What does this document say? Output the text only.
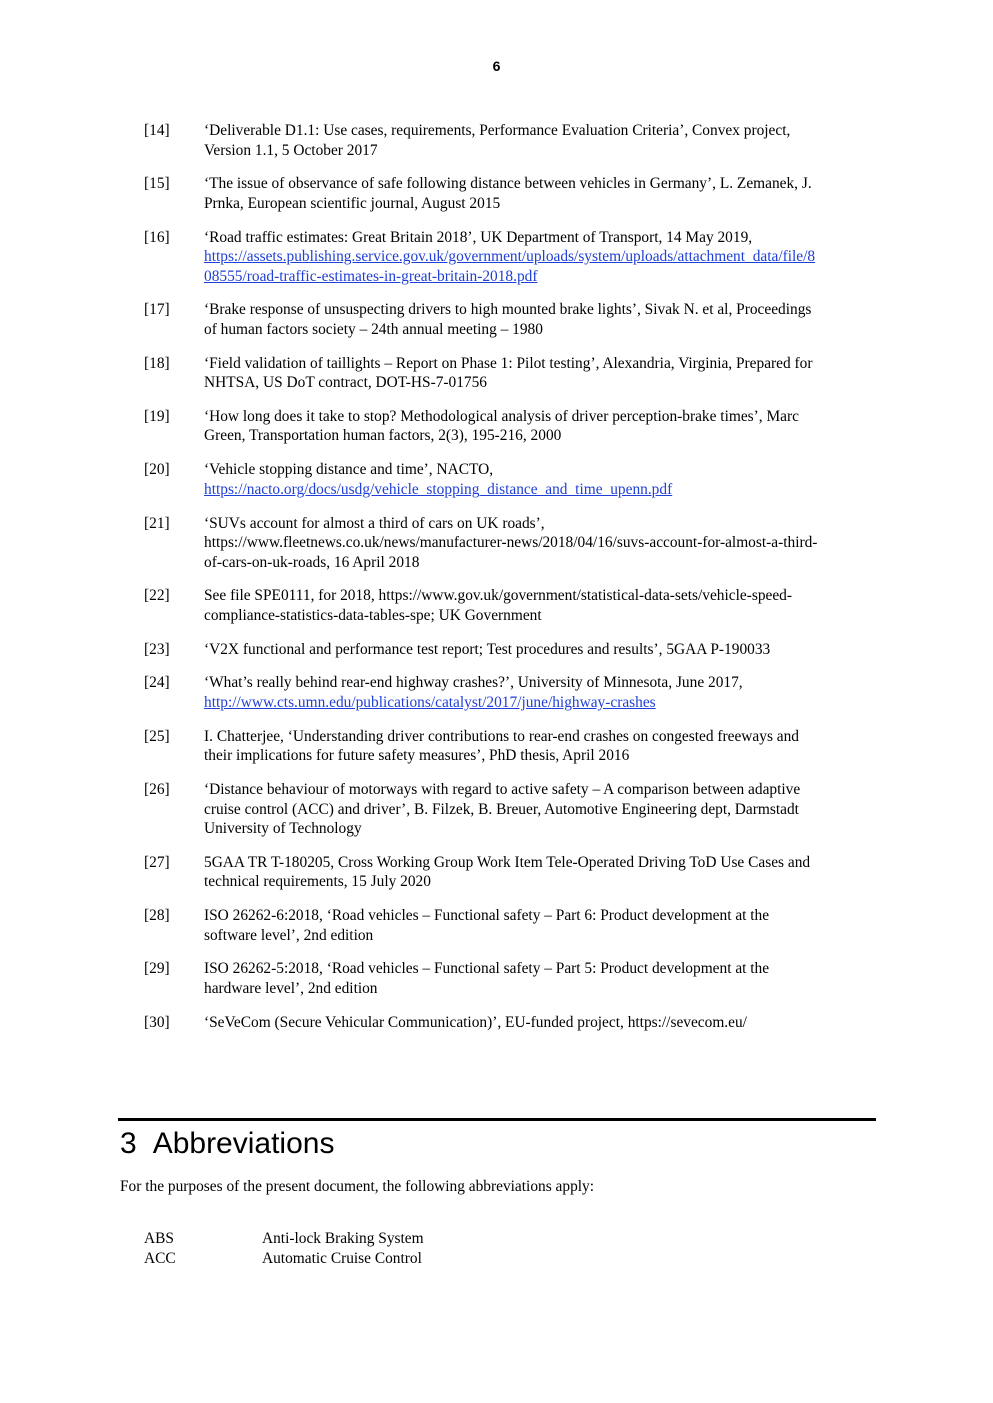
6
[14]	‘Deliverable D1.1: Use cases, requirements, Performance Evaluation Criteria’, Convex project,
Version 1.1, 5 October 2017
[15]	‘The issue of observance of safe following distance between vehicles in Germany’, L. Zemanek, J.
Prnka, European scientific journal, August 2015
[16]	‘Road traffic estimates: Great Britain 2018’, UK Department of Transport, 14 May 2019,
https://assets.publishing.service.gov.uk/government/uploads/system/uploads/attachment_data/file/8
08555/road-traffic-estimates-in-great-britain-2018.pdf
[17]	‘Brake response of unsuspecting drivers to high mounted brake lights’, Sivak N. et al, Proceedings
of human factors society – 24th annual meeting – 1980
[18]	‘Field validation of taillights – Report on Phase 1: Pilot testing’, Alexandria, Virginia, Prepared for
NHTSA, US DoT contract, DOT-HS-7-01756
[19]	‘How long does it take to stop? Methodological analysis of driver perception-brake times’, Marc
Green, Transportation human factors, 2(3), 195-216, 2000
[20]	‘Vehicle stopping distance and time’, NACTO,
https://nacto.org/docs/usdg/vehicle_stopping_distance_and_time_upenn.pdf
[21]	‘SUVs account for almost a third of cars on UK roads’,
https://www.fleetnews.co.uk/news/manufacturer-news/2018/04/16/suvs-account-for-almost-a-third-
of-cars-on-uk-roads, 16 April 2018
[22]	See file SPE0111, for 2018, https://www.gov.uk/government/statistical-data-sets/vehicle-speed-
compliance-statistics-data-tables-spe; UK Government
[23]	‘V2X functional and performance test report; Test procedures and results’, 5GAA P-190033
[24]	‘What’s really behind rear-end highway crashes?’, University of Minnesota, June 2017,
http://www.cts.umn.edu/publications/catalyst/2017/june/highway-crashes
[25]	I. Chatterjee, ‘Understanding driver contributions to rear-end crashes on congested freeways and
their implications for future safety measures’, PhD thesis, April 2016
[26]	‘Distance behaviour of motorways with regard to active safety – A comparison between adaptive
cruise control (ACC) and driver’, B. Filzek, B. Breuer, Automotive Engineering dept, Darmstadt
University of Technology
[27]	5GAA TR T-180205, Cross Working Group Work Item Tele-Operated Driving ToD Use Cases and
technical requirements, 15 July 2020
[28]	ISO 26262-6:2018, ‘Road vehicles – Functional safety – Part 6: Product development at the
software level’, 2nd edition
[29]	ISO 26262-5:2018, ‘Road vehicles – Functional safety – Part 5: Product development at the
hardware level’, 2nd edition
[30]	‘SeVeCom (Secure Vehicular Communication)’, EU-funded project, https://sevecom.eu/
3 Abbreviations
For the purposes of the present document, the following abbreviations apply:
ABS	Anti-lock Braking System
ACC	Automatic Cruise Control
